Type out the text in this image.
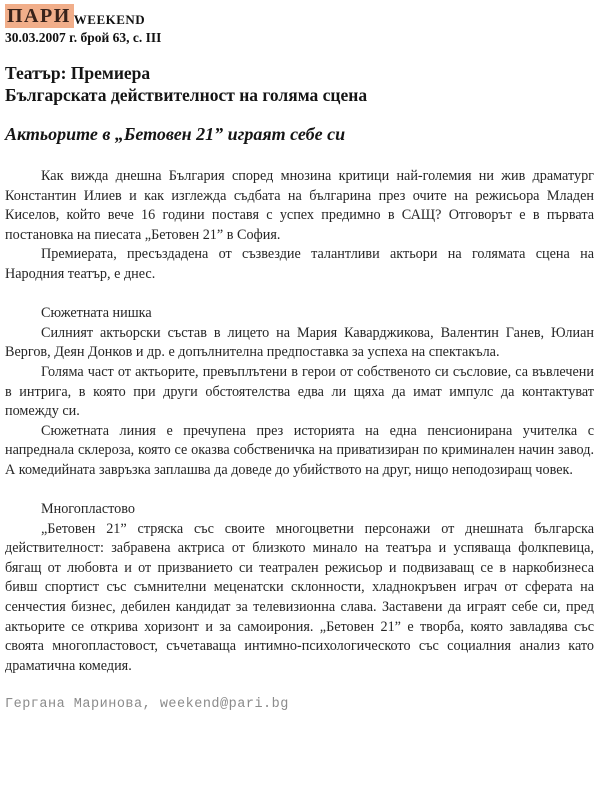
ПАРИ WEEKEND
30.03.2007 г. брой 63, с. III
Театър: Премиера
Българската действителност на голяма сцена
Актьорите в „Бетовен 21” играят себе си

Как вижда днешна България според мнозина критици най-големия ни жив драматург Константин Илиев и как изглежда съдбата на българина през очите на режисьора Младен Киселов, който вече 16 години поставя с успех предимно в САЩ? Отговорът е в първата постановка на пиесата „Бетовен 21” в София.

Премиерата, пресъздадена от съзвездие талантливи актьори на голямата сцена на Народния театър, е днес.

Сюжетната нишка

Силният актьорски състав в лицето на Мария Каварджикова, Валентин Ганев, Юлиан Вергов, Деян Донков и др. е допълнителна предпоставка за успеха на спектакъла.

Голяма част от актьорите, превъплътени в герои от собственото си съсловие, са въвлечени в интрига, в която при други обстоятелства едва ли щяха да имат импулс да контактуват помежду си.

Сюжетната линия е пречупена през историята на една пенсионирана учителка с напреднала склероза, която се оказва собственичка на приватизиран по криминален начин завод. А комедийната завръзка заплашва да доведе до убийството на друг, нищо неподозиращ човек.

Многопластово

„Бетовен 21” стряска със своите многоцветни персонажи от днешната българска действителност: забравена актриса от близкото минало на театъра и успяваща фолкпевица, бягащ от любовта и от призванието си театрален режисьор и подвизаващ се в наркобизнеса бивш спортист със съмнителни меценатски склонности, хладнокръвен играч от сферата на сенчестия бизнес, дебилен кандидат за телевизионна слава. Заставени да играят себе си, пред актьорите се открива хоризонт и за самоирония. „Бетовен 21” е творба, която завладява със своята многопластовост, съчетаваща интимно-психологическото със социалния анализ като драматична комедия.

Гергана Маринова, weekend@pari.bg
